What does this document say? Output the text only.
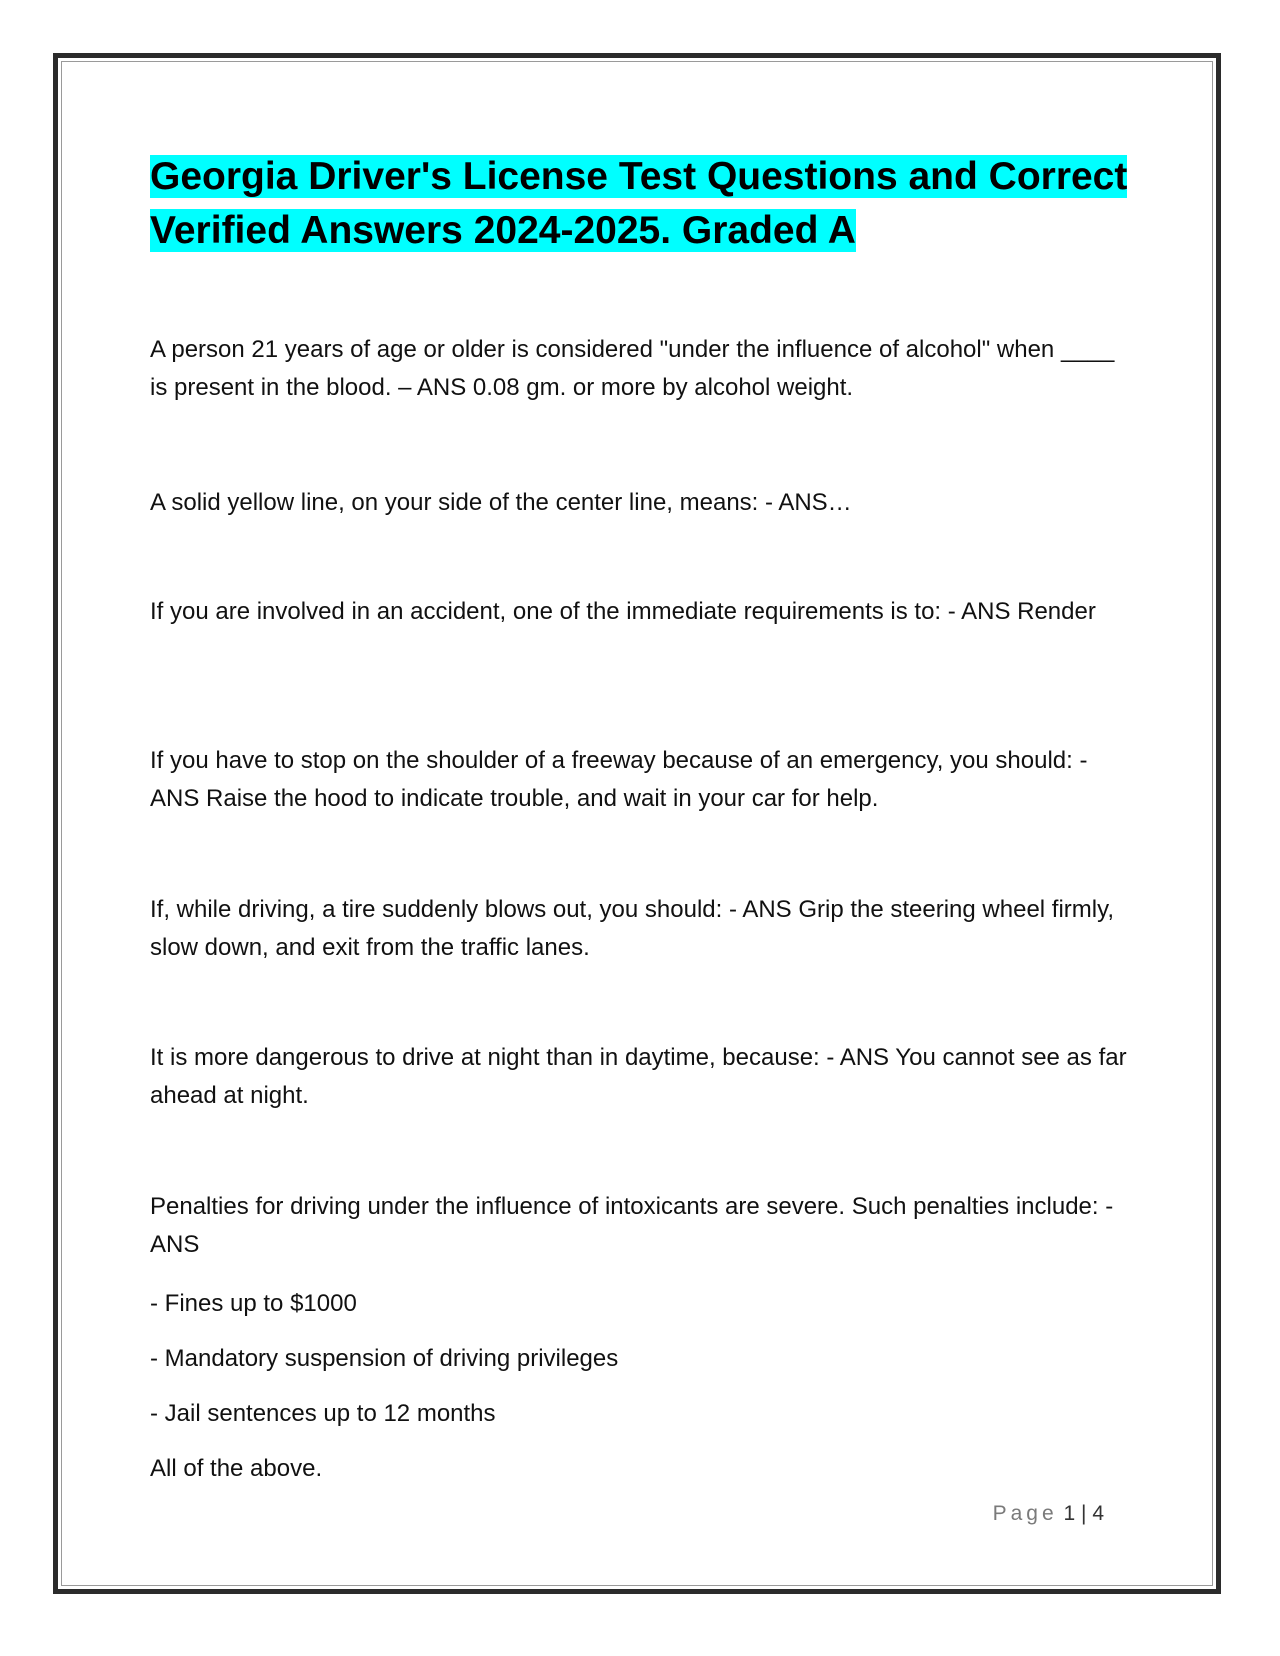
Georgia Driver's License Test Questions and Correct Verified Answers 2024-2025. Graded A

A person 21 years of age or older is considered "under the influence of alcohol" when ____ is present in the blood. – ANS 0.08 gm. or more by alcohol weight.

A solid yellow line, on your side of the center line, means: - ANS…

If you are involved in an accident, one of the immediate requirements is to: - ANS Render

If you have to stop on the shoulder of a freeway because of an emergency, you should: - ANS Raise the hood to indicate trouble, and wait in your car for help.

If, while driving, a tire suddenly blows out, you should: - ANS Grip the steering wheel firmly, slow down, and exit from the traffic lanes.

It is more dangerous to drive at night than in daytime, because: - ANS You cannot see as far ahead at night.

Penalties for driving under the influence of intoxicants are severe. Such penalties include: - ANS

- Fines up to $1000

- Mandatory suspension of driving privileges

- Jail sentences up to 12 months

All of the above.

Page 1 | 4
